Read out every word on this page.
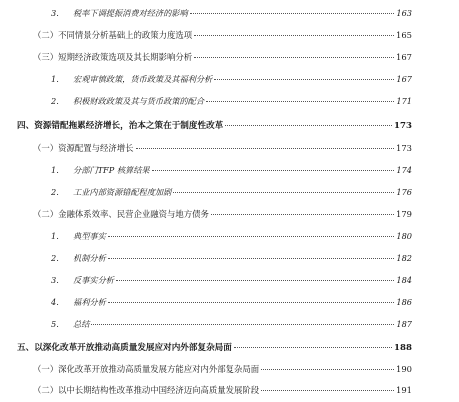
3.	税率下调提振消费对经济的影响	163
（二）不同情景分析基础上的政策力度选项	165
（三）短期经济政策选项及其长期影响分析	167
1.	宏观审慎政策，货币政策及其福利分析	167
2.	积极财政政策及其与货币政策的配合	171
四、资源错配拖累经济增长，治本之策在于制度性改革	173
（一）资源配置与经济增长	173
1.	分部门TFP 核算结果	174
2.	工业内部资源错配程度加剧	176
（二）金融体系效率、民营企业融资与地方债务	179
1.	典型事实	180
2.	机制分析	182
3.	反事实分析	184
4.	福利分析	186
5.	总结	187
五、以深化改革开放推动高质量发展应对内外部复杂局面	188
（一）深化改革开放推动高质量发展方能应对内外部复杂局面	190
（二）以中长期结构性改革推动中国经济迈向高质量发展阶段	191
